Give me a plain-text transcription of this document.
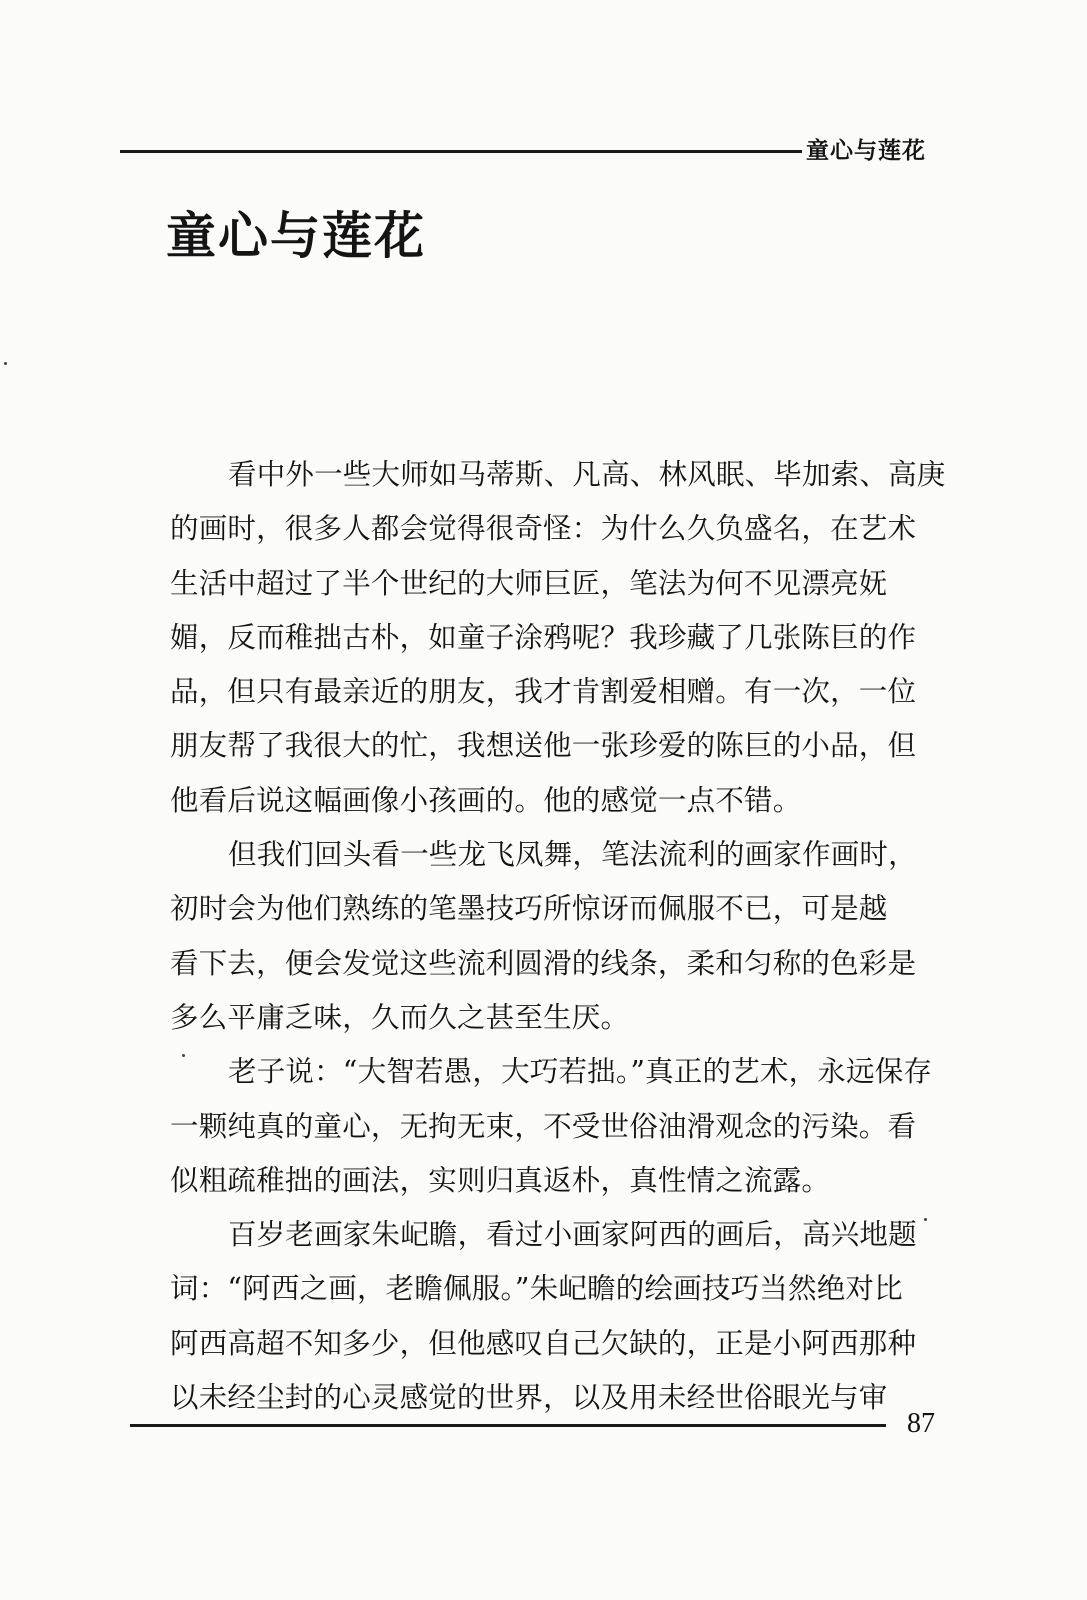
童心与莲花
童心与莲花
看中外一些大师如马蒂斯、凡高、林风眠、毕加索、高庚
的画时，很多人都会觉得很奇怪：为什么久负盛名，在艺术
生活中超过了半个世纪的大师巨匠，笔法为何不见漂亮妩
媚，反而稚拙古朴，如童子涂鸦呢？我珍藏了几张陈巨的作
品，但只有最亲近的朋友，我才肯割爱相赠。有一次，一位
朋友帮了我很大的忙，我想送他一张珍爱的陈巨的小品，但
他看后说这幅画像小孩画的。他的感觉一点不错。
但我们回头看一些龙飞凤舞，笔法流利的画家作画时，
初时会为他们熟练的笔墨技巧所惊讶而佩服不已，可是越
看下去，便会发觉这些流利圆滑的线条，柔和匀称的色彩是
多么平庸乏味，久而久之甚至生厌。
老子说：“大智若愚，大巧若拙。”真正的艺术，永远保存
一颗纯真的童心，无拘无束，不受世俗油滑观念的污染。看
似粗疏稚拙的画法，实则归真返朴，真性情之流露。
百岁老画家朱屺瞻，看过小画家阿西的画后，高兴地题
词：“阿西之画，老瞻佩服。”朱屺瞻的绘画技巧当然绝对比
阿西高超不知多少，但他感叹自己欠缺的，正是小阿西那种
以未经尘封的心灵感觉的世界，以及用未经世俗眼光与审
87
